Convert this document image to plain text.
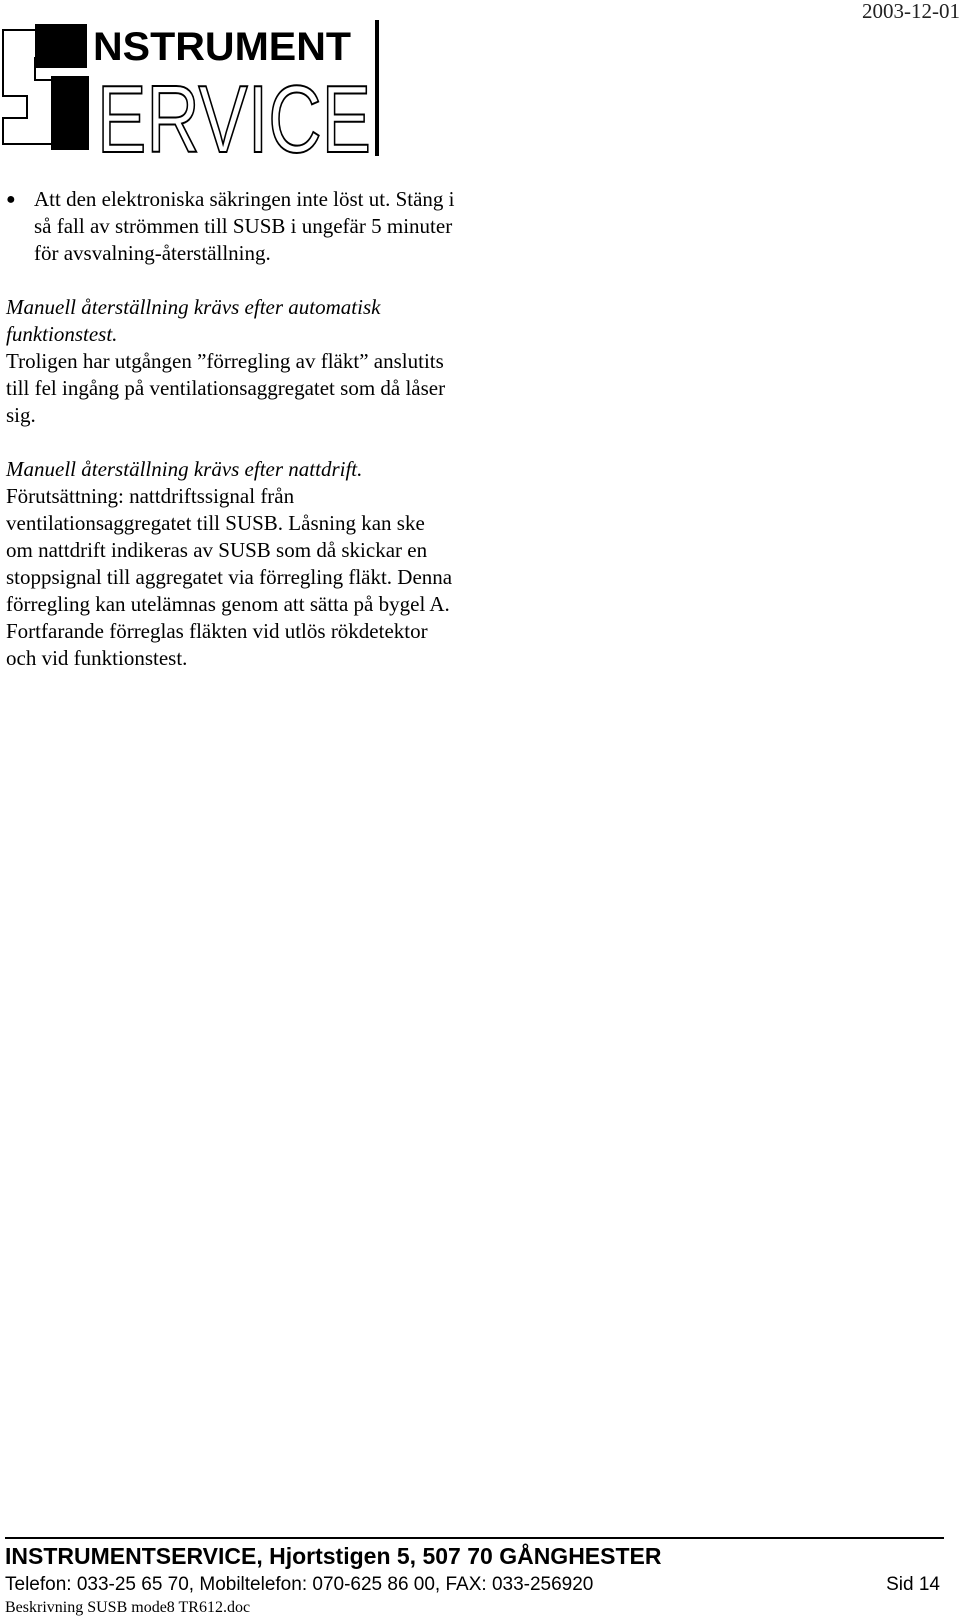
2003-12-01
NSTRUMENT
ERVICE
● Att den elektroniska säkringen inte löst ut. Stäng i så fall av strömmen till SUSB i ungefär 5 minuter för avsvalning-återställning.

Manuell återställning krävs efter automatisk funktionstest.

Troligen har utgången ”förregling av fläkt” anslutits till fel ingång på ventilationsaggregatet som då låser sig.

Manuell återställning krävs efter nattdrift.

Förutsättning: nattdriftssignal från ventilationsaggregatet till SUSB. Låsning kan ske om nattdrift indikeras av SUSB som då skickar en stoppsignal till aggregatet via förregling fläkt. Denna förregling kan utelämnas genom att sätta på bygel A. Fortfarande förreglas fläkten vid utlös rökdetektor och vid funktionstest.

INSTRUMENTSERVICE, Hjortstigen 5, 507 70 GÅNGHESTER
Telefon: 033-25 65 70, Mobiltelefon: 070-625 86 00, FAX: 033-256920	Sid 14
Beskrivning SUSB mode8 TR612.doc
